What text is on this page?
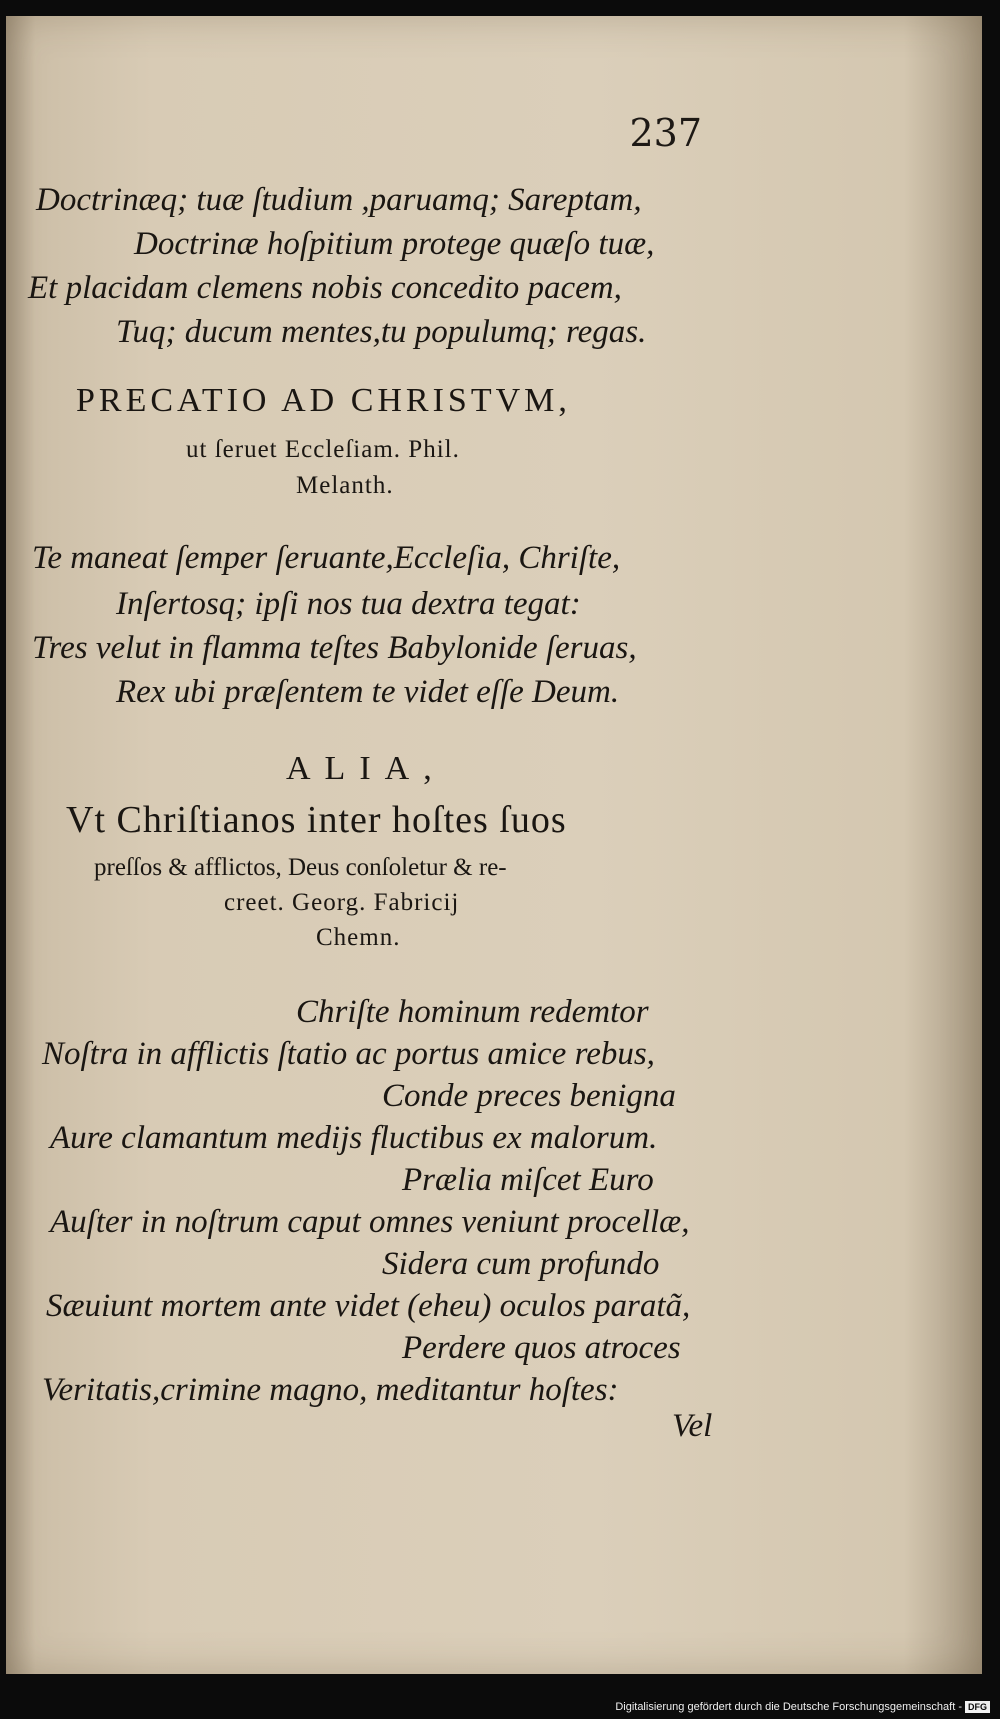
237
Doctrinæq; tuæ ſtudium ,paruamq; Sareptam,
Doctrinæ hoſpitium protege quæſo tuæ,
Et placidam clemens nobis concedito pacem,
Tuq; ducum mentes,tu populumq; regas.
PRECATIO AD CHRISTVM,
ut ſeruet Eccleſiam. Phil.
Melanth.
Te maneat ſemper ſeruante,Eccleſia, Chriſte,
Inſertosq; ipſi nos tua dextra tegat:
Tres velut in flamma teſtes Babylonide ſeruas,
Rex ubi præſentem te videt eſſe Deum.
ALIA,
Vt Chriſtianos inter hoſtes ſuos
preſſos & afflictos, Deus conſoletur & re-
creet. Georg. Fabricij
Chemn.
Chriſte hominum redemtor
Noſtra in afflictis ſtatio ac portus amice rebus,
Conde preces benigna
Aure clamantum medijs fluctibus ex malorum.
Prælia miſcet Euro
Auſter in noſtrum caput omnes veniunt procellæ,
Sidera cum profundo
Sæuiunt mortem ante videt (eheu) oculos paratã,
Perdere quos atroces
Veritatis,crimine magno, meditantur hoſtes:
Vel
Digitalisierung gefördert durch die Deutsche Forschungsgemeinschaft - DFG
